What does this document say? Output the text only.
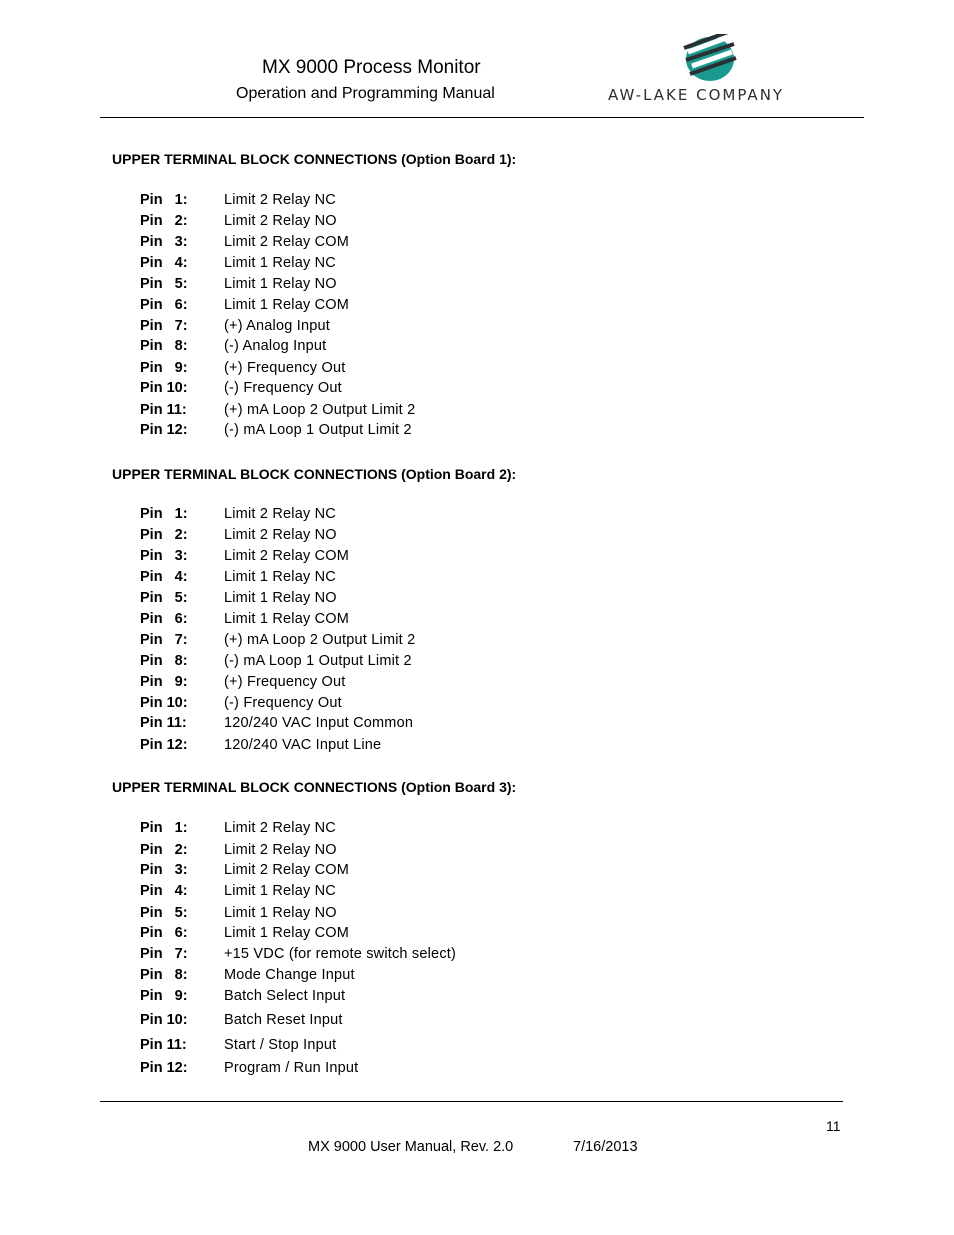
MX 9000 Process Monitor
Operation and Programming Manual	AW-LAKE COMPANY
UPPER TERMINAL BLOCK CONNECTIONS (Option Board 1):
Pin   1:	Limit 2 Relay NC
Pin   2:	Limit 2 Relay NO
Pin   3:	Limit 2 Relay COM
Pin   4:	Limit 1 Relay NC
Pin   5:	Limit 1 Relay NO
Pin   6:	Limit 1 Relay COM
Pin   7:	(+) Analog Input
Pin   8:	(-) Analog Input
Pin   9:	(+) Frequency Out
Pin 10:	(-) Frequency Out
Pin 11:	(+) mA Loop 2 Output Limit 2
Pin 12:	(-) mA Loop 1 Output Limit 2
UPPER TERMINAL BLOCK CONNECTIONS (Option Board 2):
Pin   1:	Limit 2 Relay NC
Pin   2:	Limit 2 Relay NO
Pin   3:	Limit 2 Relay COM
Pin   4:	Limit 1 Relay NC
Pin   5:	Limit 1 Relay NO
Pin   6:	Limit 1 Relay COM
Pin   7:	(+) mA Loop 2 Output Limit 2
Pin   8:	(-) mA Loop 1 Output Limit 2
Pin   9:	(+) Frequency Out
Pin 10:	(-) Frequency Out
Pin 11:	120/240 VAC Input Common
Pin 12:	120/240 VAC Input Line
UPPER TERMINAL BLOCK CONNECTIONS (Option Board 3):
Pin   1:	Limit 2 Relay NC
Pin   2:	Limit 2 Relay NO
Pin   3:	Limit 2 Relay COM
Pin   4:	Limit 1 Relay NC
Pin   5:	Limit 1 Relay NO
Pin   6:	Limit 1 Relay COM
Pin   7:	+15 VDC (for remote switch select)
Pin   8:	Mode Change Input
Pin   9:	Batch Select Input
Pin 10:	Batch Reset Input
Pin 11:	Start / Stop Input
Pin 12:	Program / Run Input
11
MX 9000 User Manual, Rev. 2.0	7/16/2013
